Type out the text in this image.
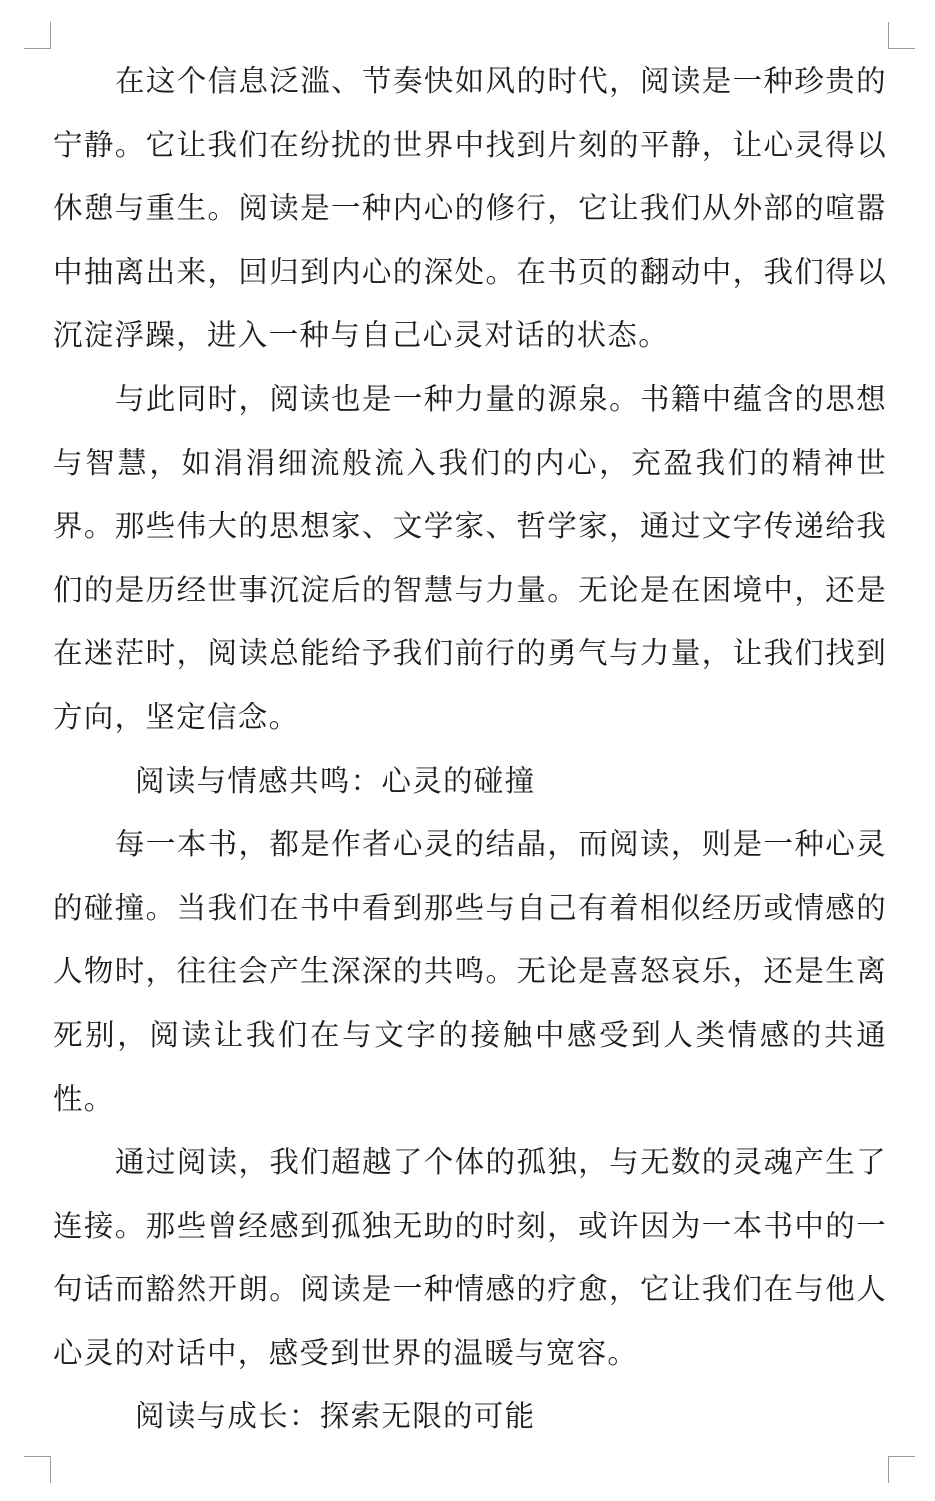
在这个信息泛滥、节奏快如风的时代，阅读是一种珍贵的宁静。它让我们在纷扰的世界中找到片刻的平静，让心灵得以休憩与重生。阅读是一种内心的修行，它让我们从外部的喧嚣中抽离出来，回归到内心的深处。在书页的翻动中，我们得以沉淀浮躁，进入一种与自己心灵对话的状态。

与此同时，阅读也是一种力量的源泉。书籍中蕴含的思想与智慧，如涓涓细流般流入我们的内心，充盈我们的精神世界。那些伟大的思想家、文学家、哲学家，通过文字传递给我们的是历经世事沉淀后的智慧与力量。无论是在困境中，还是在迷茫时，阅读总能给予我们前行的勇气与力量，让我们找到方向，坚定信念。

阅读与情感共鸣：心灵的碰撞

每一本书，都是作者心灵的结晶，而阅读，则是一种心灵的碰撞。当我们在书中看到那些与自己有着相似经历或情感的人物时，往往会产生深深的共鸣。无论是喜怒哀乐，还是生离死别，阅读让我们在与文字的接触中感受到人类情感的共通性。

通过阅读，我们超越了个体的孤独，与无数的灵魂产生了连接。那些曾经感到孤独无助的时刻，或许因为一本书中的一句话而豁然开朗。阅读是一种情感的疗愈，它让我们在与他人心灵的对话中，感受到世界的温暖与宽容。

阅读与成长：探索无限的可能
